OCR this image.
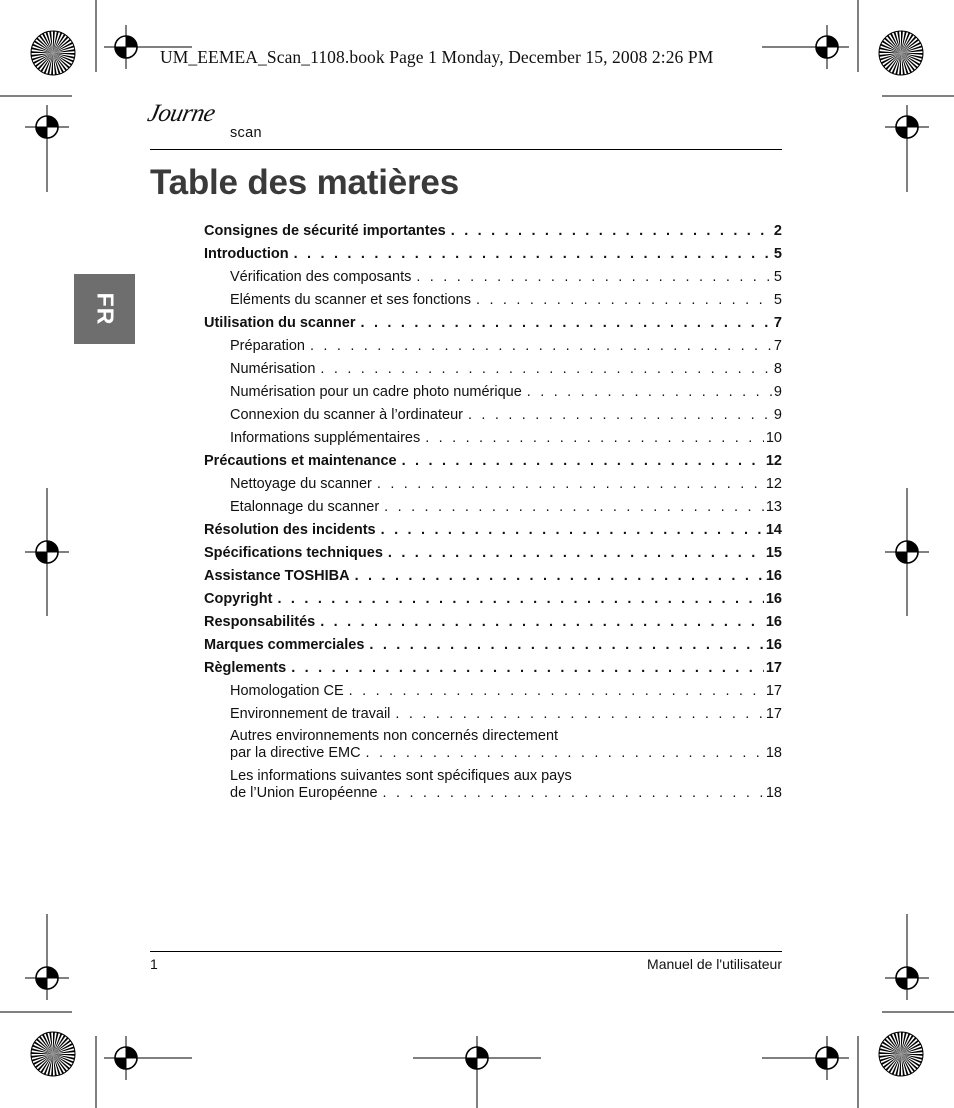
UM_EEMEA_Scan_1108.book Page 1 Monday, December 15, 2008 2:26 PM
Journe
scan
Table des matières
FR
Consignes de sécurité importantes . . .	2
Introduction . . .	5
Vérification des composants . . .	5
Eléments du scanner et ses fonctions . . .	5
Utilisation du scanner . . .	7
Préparation . . .	7
Numérisation . . .	8
Numérisation pour un cadre photo numérique . . .	9
Connexion du scanner à l’ordinateur . . .	9
Informations supplémentaires . . .	10
Précautions et maintenance . . .	12
Nettoyage du scanner . . .	12
Etalonnage du scanner . . .	13
Résolution des incidents . . .	14
Spécifications techniques . . .	15
Assistance TOSHIBA . . .	16
Copyright . . .	16
Responsabilités . . .	16
Marques commerciales . . .	16
Règlements . . .	17
Homologation CE . . .	17
Environnement de travail . . .	17
Autres environnements non concernés directement
par la directive EMC . . .	18
Les informations suivantes sont spécifiques aux pays
de l’Union Européenne . . .	18
1	Manuel de l'utilisateur
